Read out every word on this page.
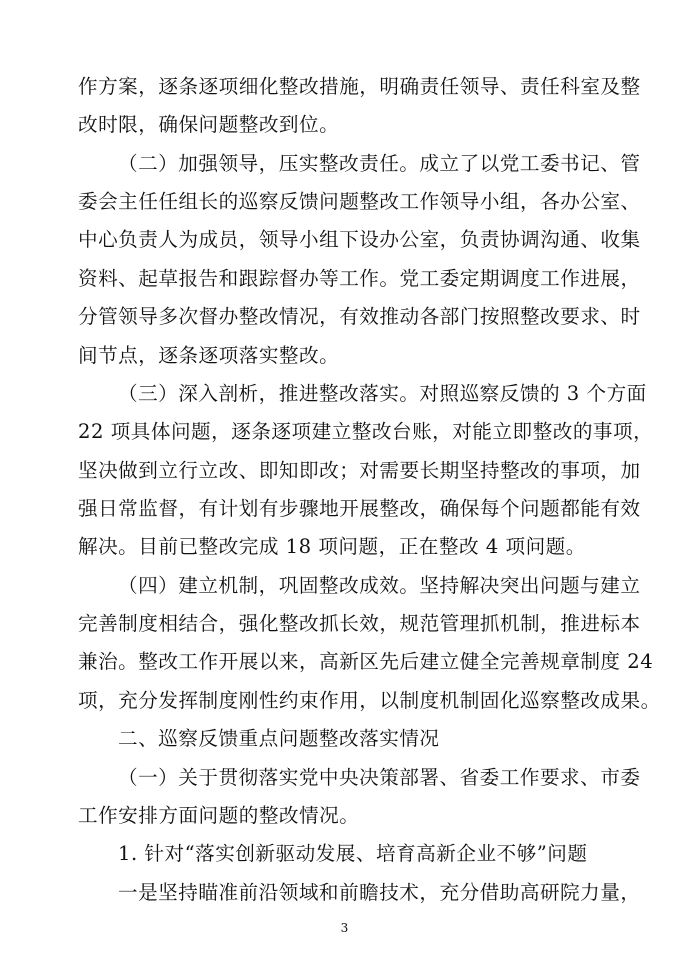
作方案，逐条逐项细化整改措施，明确责任领导、责任科室及整
改时限，确保问题整改到位。
（二）加强领导，压实整改责任。成立了以党工委书记、管
委会主任任组长的巡察反馈问题整改工作领导小组，各办公室、
中心负责人为成员，领导小组下设办公室，负责协调沟通、收集
资料、起草报告和跟踪督办等工作。党工委定期调度工作进展，
分管领导多次督办整改情况，有效推动各部门按照整改要求、时
间节点，逐条逐项落实整改。
（三）深入剖析，推进整改落实。对照巡察反馈的 3 个方面
22 项具体问题，逐条逐项建立整改台账，对能立即整改的事项，
坚决做到立行立改、即知即改；对需要长期坚持整改的事项，加
强日常监督，有计划有步骤地开展整改，确保每个问题都能有效
解决。目前已整改完成 18 项问题，正在整改 4 项问题。
（四）建立机制，巩固整改成效。坚持解决突出问题与建立
完善制度相结合，强化整改抓长效，规范管理抓机制，推进标本
兼治。整改工作开展以来，高新区先后建立健全完善规章制度 24
项，充分发挥制度刚性约束作用，以制度机制固化巡察整改成果。
二、巡察反馈重点问题整改落实情况
（一）关于贯彻落实党中央决策部署、省委工作要求、市委
工作安排方面问题的整改情况。
1. 针对“落实创新驱动发展、培育高新企业不够”问题
一是坚持瞄准前沿领域和前瞻技术，充分借助高研院力量，
3
